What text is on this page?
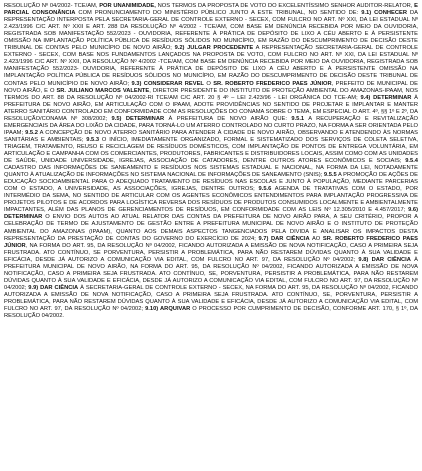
RESOLUÇÃO Nº 04/2002- TCE/AM, POR UNANIMIDADE, NOS TERMOS DA PROPOSTA DE VOTO DO EXCELENTÍSSIMO SENHOR AUDITOR-RELATOR, E PARCIAL CONSONÂNCIA COM PRONUNCIAMENTO DO MINISTÉRIO PÚBLICO JUNTO A ESTE TRIBUNAL, NO SENTIDO DE: 9.1) CONHECER DA REPRESENTAÇÃO INTERPOSTA PELA SECRETARIA-GERAL DE CONTROLE EXTERNO - SECEX, COM FULCRO NO ART. Nº XXI, DA LEI ESTADUAL Nº 2.423/1996 C/C ART. Nº XXII E ART. 288 DA RESOLUÇÃO Nº 4/2002 - TCE/AM, COM BASE EM DENÚNCIA RECEBIDA POR MEIO DA OUVIDORIA, REGISTRADA SOB MANIFESTAÇÃO 552/2023 - OUVIDORIA, REFERENTE À PRÁTICA DE DEPÓSITO DE LIXO A CÉU ABERTO E À PERSISTENTE OMISSÃO NA IMPLANTAÇÃO POLÍTICA PÚBLICA DE RESÍDUOS SÓLIDOS NO MUNICÍPIO, EM RAZÃO DO DESCUMPRIMENTO DE DECISÃO DESTE TRIBUNAL DE CONTAS PELO MUNICÍPIO DE NOVO AIRÃO; 9.2) JULGAR PROCEDENTE A REPRESENTAÇÃO SECRETARIA-GERAL DE CONTROLE EXTERNO - SECEX, COM BASE NOS FUNDAMENTOS LANÇADOS NA PROPOSTA DE VOTO, COM FULCRO NO ART. Nº XXI, DA LEI ESTADUAL Nº 2.423/1996 C/C ART. Nº XXII, DA RESOLUÇÃO Nº 4/2002 -TCE/AM, COM BASE EM DENÚNCIA RECEBIDA POR MEIO DA OUVIDORIA, REGISTRADA SOB MANIFESTAÇÃO 552/2023- OUVIDORIA, REFERENTE À PRÁTICA DE DEPÓSITO DE LIXO A CÉU ABERTO E À PERSISTENTE OMISSÃO NA IMPLANTAÇÃO POLÍTICA PÚBLICA DE RESÍDUOS SÓLIDOS NO MUNICÍPIO, EM RAZÃO DO DESCUMPRIMENTO DE DECISÃO DESTE TRIBUNAL DE CONTAS PELO MUNICÍPIO DE NOVO AIRÃO; 9.3) CONSIDERAR REVEL O SR. ROBERTO FREDERICO PAES JÚNIOR, PREFEITO DE MUNICIPAL DE NOVO AIRÃO, E O SR. JULIANO MARCOS VALENTE, DIRETOR PRESIDENTE DO INSTITUTO DE PROTEÇÃO AMBIENTAL DO AMAZONAS-IPAAM, NOS TERMOS DO ART. 88 DA RESOLUÇÃO Nº 04/2002-RI TCE/AM C/C ART. 20 § 4º – LEI 2.423/96 - LEI ORGÂNICA DO TCE-AM; 9.4) DETERMINAR À PREFEITURA DE NOVO AIRÃO, EM ARTICULAÇÃO COM O IPAAM, ADOTE PROVIDÊNCIAS NO SENTIDO DE PROJETAR E IMPLANTAR E MANTER ATERRO SANITÁRIO CONTROLADO EM CONFORMIDADE COM AS RESOLUÇÕES DO CONAMA SOBRE O TEMA, EM ESPECIAL O ART. 4º, §§ 1º E 2º, DA RESOLUÇÃO/CONAMA Nº 308/2002; 9.5) DETERMINAR À PREFEITURA DE NOVO AIRÃO QUE: 9.5.1 A RECUPERAÇÃO E REVITALIZAÇÃO EMERGENCIAIS DA ÁREA DO LIXÃO DA CIDADE, PARA TORNÁ-LO UM ATERRO CONTROLADO NO CURTO PRAZO, NA FORMA A SER ORIENTADA PELO IPAAM; 9.5.2 A CONCEPÇÃO DE NOVO ATERRO SANITÁRIO PARA ATENDER À CIDADE DE NOVO AIRÃO, OBSERVANDO E ATENDENDO ÀS NORMAS SANITÁRIAS E AMBIENTAIS; 9.5.3 O INÍCIO, IMEDIATAMENTE ORGANIZADO, FORMAL E SISTEMATIZADO DOS SERVIÇOS DE COLETA SELETIVA, TRIAGEM, TRATAMENTO, REUSO E RECICLAGEM DE RESÍDUOS DOMÉSTICOS, COM IMPLANTAÇÃO DE PONTOS DE ENTREGA VOLUNTÁRIA, EM ARTICULAÇÃO E CAMPANHA COM OS COMERCIANTES, PRODUTORES, FABRICANTES E DISTRIBUIDORES LOCAIS, ASSIM COMO COM AS UNIDADES DE SAÚDE, UNIDADE UNIVERSIDADE, IGREJAS, ASSOCIAÇÃO DE CATADORES, DENTRE OUTROS ATORES ECONÔMICOS E SOCIAIS; 9.5.4 CADASTRO DAS INFORMAÇÕES DE SANEAMENTO E RESÍDUOS NOS SISTEMAS ESTADUAL E NACIONAL, NA FORMA DA LEI, NOTADAMENTE QUANTO À ATUALIZAÇÃO DE INFORMAÇÕES NO SISTEMA NACIONAL DE INFORMAÇÕES DE SANEAMENTO (SNIS); 9.5.5 A PROMOÇÃO DE AÇÕES DE EDUCAÇÃO SOCIOAMBIENTAL PARA O ADEQUADO TRATAMENTO DE RESÍDUOS NAS ESCOLAS E JUNTO À POPULAÇÃO, MEDIANTE PARCERIAS COM O ESTADO, A UNIVERSIDADE, AS ASSOCIAÇÕES, IGREJAS, DENTRE OUTROS; 9.5.6 AGENDA DE TRATATIVAS COM O ESTADO, POR INTERMÉDIO DA SEMA, NO SENTIDO DE ARTICULAR COM OS AGENTES ECONÔMICOS ENTENDIMENTOS PARA IMPLANTAÇÃO PROGRESSIVA DE PROJETOS PILOTOS E DE ACORDOS PARA LOGÍSTICA REVERSA DOS RESÍDUOS DE PRODUTOS CONSUMIDOS LOCALMENTE E AMBIENTALMENTE IMPACTANTES, ALÉM DAS PLANOS DE GERENCIAMENTOS DE RESÍDUOS, EM CONFORMIDADE COM AS LEIS Nº 12.305/2010 E 4.457/2017; 9.6) DETERMINAR O ENVIO DOS AUTOS AO ATUAL RELATOR DAS CONTAS DA PREFEITURA DE NOVO AIRÃO PARA, A SEU CRITÉRIO, PROPOR A CELEBRAÇÃO DE TERMO DE AJUSTAMENTO DE GESTÃO ENTRE A PREFEITURA MUNICIPAL DE NOVO AIRÃO E O INSTITUTO DE PROTEÇÃO AMBIENTAL DO AMAZONAS (IPAAM), QUANTO AOS DEMAIS ASPECTOS TANGENCIADOS PELA DIVIDA E ANALISAR OS IMPACTOS DESTA REPRESENTAÇÃO DA PRESTAÇÃO DE CONTAS DO GOVERNO DO EXERCÍCIO DE 2024; 9.7) DAR CIÊNCIA AO SR. ROBERTO FREDERICO PAES JÚNIOR, NA FORMA DO ART. 95, DA RESOLUÇÃO Nº 04/2002, FICANDO AUTORIZADA A EMISSÃO DE NOVA NOTIFICAÇÃO, CASO A PRIMEIRA SEJA FRUSTRADA. ATO CONTÍNUO, SE PORVENTURA, PERSISTIR A PROBLEMÁTICA, PARA NÃO RESTAREM DÚVIDAS QUANTO À SUA VALIDADE E EFICÁCIA, DESDE JÁ AUTORIZO A COMUNICAÇÃO VIA EDITAL, COM FULCRO NO ART. 97, DA RESOLUÇÃO Nº 04/2002; 9.8) DAR CIÊNCIA À PREFEITURA MUNICIPAL DE NOVO AIRÃO, NA FORMA DO ART. 95, DA RESOLUÇÃO Nº 04/2002, FICANDO AUTORIZADA A EMISSÃO DE NOVA NOTIFICAÇÃO, CASO A PRIMEIRA SEJA FRUSTRADA. ATO CONTÍNUO, SE, PORVENTURA, PERSISTIR A PROBLEMÁTICA, PARA NÃO RESTAREM DÚVIDAS QUANTO À SUA VALIDADE E EFICÁCIA, DESDE JÁ AUTORIZO A COMUNICAÇÃO VIA EDITAL, COM FULCRO NO ART. 97, DA RESOLUÇÃO Nº 04/2002; 9.9) DAR CIÊNCIA À SECRETARIA-GERAL DE CONTROLE EXTERNO - SECEX, NA FORMA DO ART. 95, DA RESOLUÇÃO Nº 04/2002, FICANDO AUTORIZADA A EMISSÃO DE NOVA NOTIFICAÇÃO, CASO A PRIMEIRA SEJA FRUSTRADA. ATO CONTÍNUO, SE, PORVENTURA, PERSISTIR A PROBLEMÁTICA, PARA NÃO RESTAREM DÚVIDAS QUANTO À SUA VALIDADE E EFICÁCIA, DESDE JÁ AUTORIZO A COMUNICAÇÃO VIA EDITAL, COM FULCRO NO ART. 97, DA RESOLUÇÃO Nº 04/2002; 9.10) ARQUIVAR O PROCESSO POR CUMPRIMENTO DE DECISÃO, CONFORME ART. 170, § 1º, DA RESOLUÇÃO 04/2002.
